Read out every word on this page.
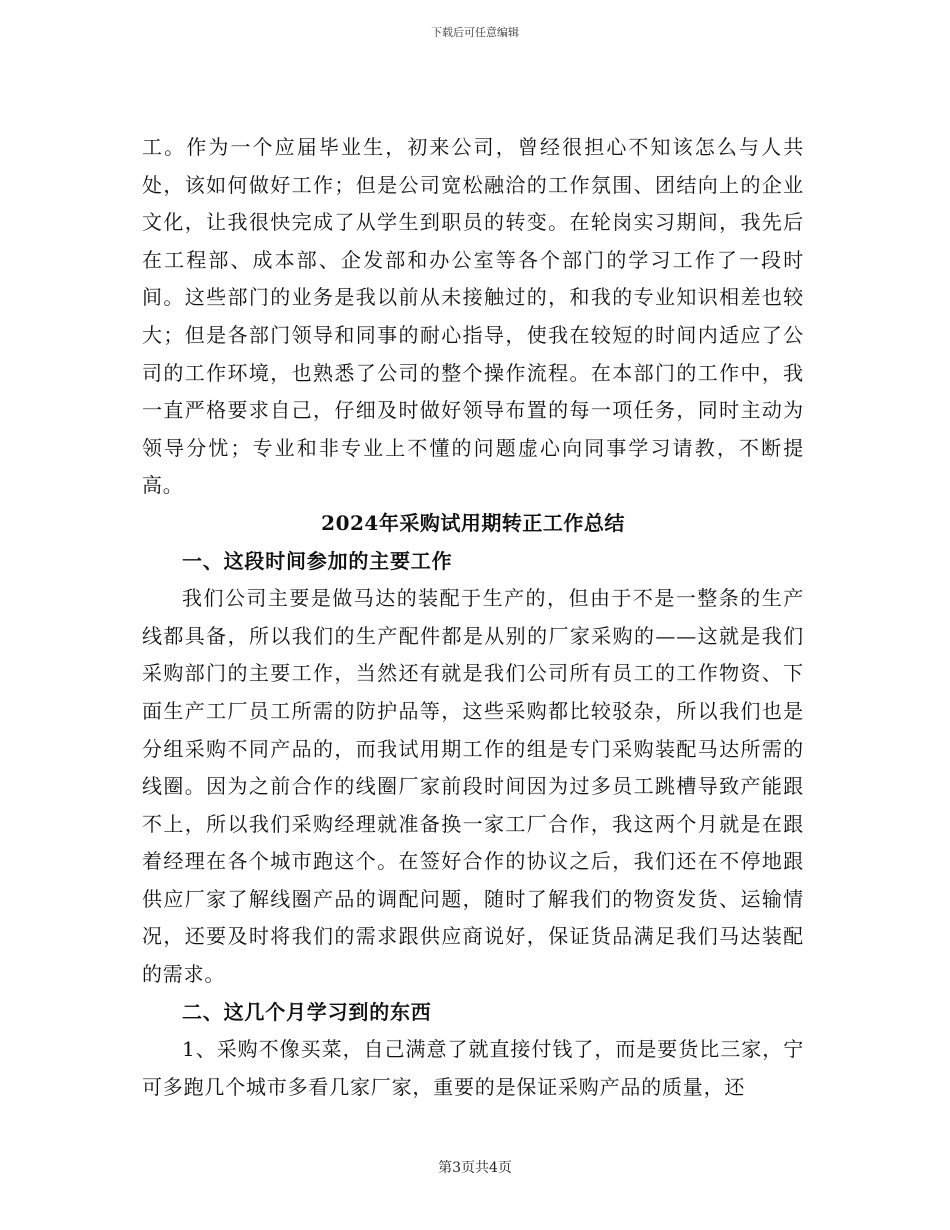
下载后可任意编辑

工。作为一个应届毕业生，初来公司，曾经很担心不知该怎么与人共处，该如何做好工作；但是公司宽松融洽的工作氛围、团结向上的企业文化，让我很快完成了从学生到职员的转变。在轮岗实习期间，我先后在工程部、成本部、企发部和办公室等各个部门的学习工作了一段时间。这些部门的业务是我以前从未接触过的，和我的专业知识相差也较大；但是各部门领导和同事的耐心指导，使我在较短的时间内适应了公司的工作环境，也熟悉了公司的整个操作流程。在本部门的工作中，我一直严格要求自己，仔细及时做好领导布置的每一项任务，同时主动为领导分忧；专业和非专业上不懂的问题虚心向同事学习请教，不断提高。

2024年采购试用期转正工作总结

一、这段时间参加的主要工作

我们公司主要是做马达的装配于生产的，但由于不是一整条的生产线都具备，所以我们的生产配件都是从别的厂家采购的——这就是我们采购部门的主要工作，当然还有就是我们公司所有员工的工作物资、下面生产工厂员工所需的防护品等，这些采购都比较驳杂，所以我们也是分组采购不同产品的，而我试用期工作的组是专门采购装配马达所需的线圈。因为之前合作的线圈厂家前段时间因为过多员工跳槽导致产能跟不上，所以我们采购经理就准备换一家工厂合作，我这两个月就是在跟着经理在各个城市跑这个。在签好合作的协议之后，我们还在不停地跟供应厂家了解线圈产品的调配问题，随时了解我们的物资发货、运输情况，还要及时将我们的需求跟供应商说好，保证货品满足我们马达装配的需求。

二、这几个月学习到的东西

1、采购不像买菜，自己满意了就直接付钱了，而是要货比三家，宁可多跑几个城市多看几家厂家，重要的是保证采购产品的质量，还

第3页共4页
